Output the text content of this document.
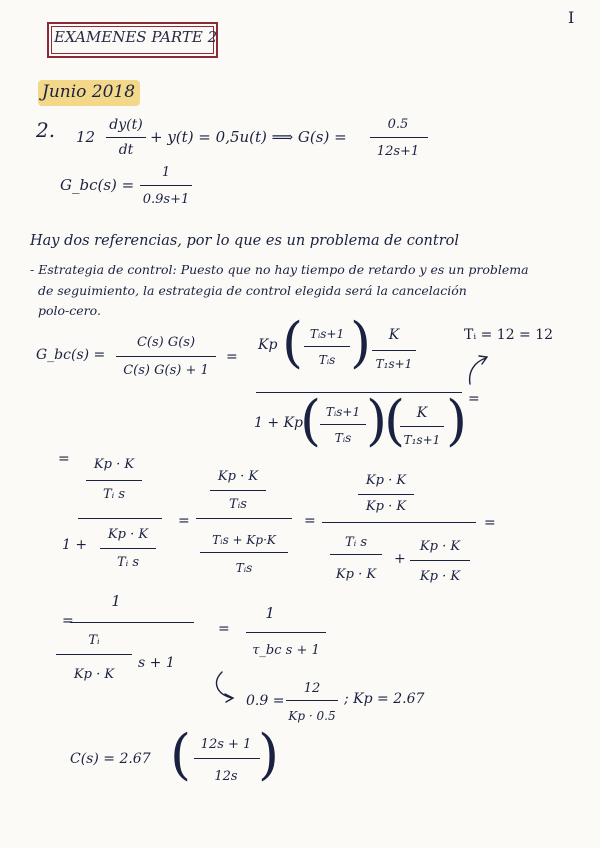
I
EXAMENES PARTE 2
Junio 2018
2. 12
dy(t)
dt
+ y(t) = 0,5u(t) ⟹ G(s) =
0.5
12s+1
G_bc(s) =
1
0.9s+1
Hay dos referencias, por lo que es un problema de control
- Estrategia de control: Puesto que no hay tiempo de retardo y es un problema
de seguimiento, la estrategia de control elegida será la cancelación
polo-cero.
G_bc(s) =
C(s) G(s)
C(s) G(s) + 1
=
Kp ( Tᵢs+1
Tᵢs )	K
T₁s+1
1 + Kp
( Tᵢs+1
Tᵢs )
( K
T₁s+1 )
Tᵢ = 12 = 12
=
=	Kp · K
Tᵢ s
1 +
Kp · K
Tᵢ s
=
Kp · K
Tᵢs
Tᵢs + Kp·K
Tᵢs
=
Kp · K
Kp · K
Tᵢ s
Kp · K
+
Kp · K
Kp · K
=
=
1
Tᵢ
Kp · K
s + 1
=
1
τ_bc s + 1
0.9 =
12
Kp · 0.5
; Kp = 2.67
C(s) = 2.67 ( 12s + 1
12s )
